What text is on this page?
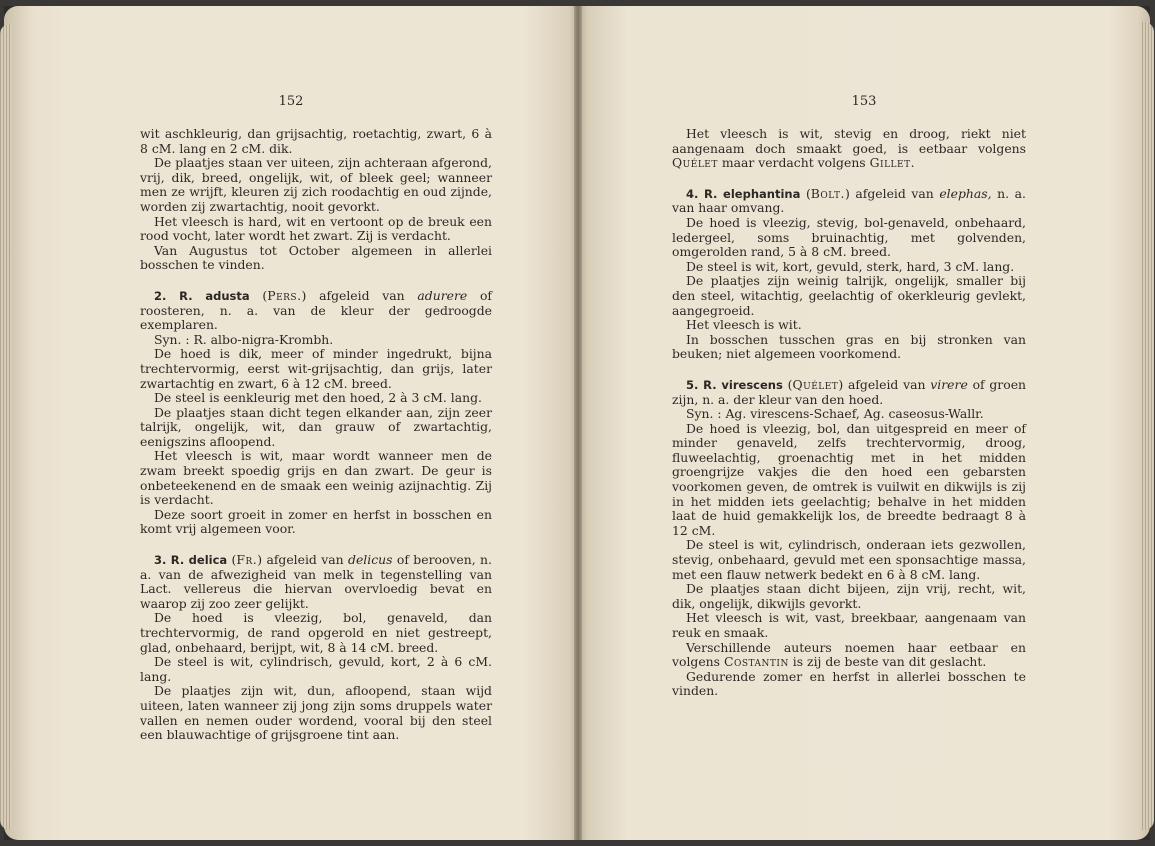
152

wit aschkleurig, dan grijsachtig, roetachtig, zwart, 6 à 8 cM. lang en 2 cM. dik.

De plaatjes staan ver uiteen, zijn achteraan afgerond, vrij, dik, breed, ongelijk, wit, of bleek geel; wanneer men ze wrijft, kleuren zij zich roodachtig en oud zijnde, worden zij zwartachtig, nooit gevorkt.

Het vleesch is hard, wit en vertoont op de breuk een rood vocht, later wordt het zwart. Zij is verdacht.

Van Augustus tot October algemeen in allerlei bosschen te vinden.

2. R. adusta (Pers.) afgeleid van adurere of roosteren, n. a. van de kleur der gedroogde exemplaren.

Syn. : R. albo-nigra-Krombh.

De hoed is dik, meer of minder ingedrukt, bijna trechtervormig, eerst wit-grijsachtig, dan grijs, later zwartachtig en zwart, 6 à 12 cM. breed.

De steel is eenkleurig met den hoed, 2 à 3 cM. lang.

De plaatjes staan dicht tegen elkander aan, zijn zeer talrijk, ongelijk, wit, dan grauw of zwartachtig, eenigszins afloopend.

Het vleesch is wit, maar wordt wanneer men de zwam breekt spoedig grijs en dan zwart. De geur is onbeteekenend en de smaak een weinig azijnachtig. Zij is verdacht.

Deze soort groeit in zomer en herfst in bosschen en komt vrij algemeen voor.

3. R. delica (Fr.) afgeleid van delicus of berooven, n. a. van de afwezigheid van melk in tegenstelling van Lact. vellereus die hiervan overvloedig bevat en waarop zij zoo zeer gelijkt.

De hoed is vleezig, bol, genaveld, dan trechtervormig, de rand opgerold en niet gestreept, glad, onbehaard, berijpt, wit, 8 à 14 cM. breed.

De steel is wit, cylindrisch, gevuld, kort, 2 à 6 cM. lang.

De plaatjes zijn wit, dun, afloopend, staan wijd uiteen, laten wanneer zij jong zijn soms druppels water vallen en nemen ouder wordend, vooral bij den steel een blauwachtige of grijsgroene tint aan.

153

Het vleesch is wit, stevig en droog, riekt niet aangenaam doch smaakt goed, is eetbaar volgens Quélet maar verdacht volgens Gillet.

4. R. elephantina (Bolt.) afgeleid van elephas, n. a. van haar omvang.

De hoed is vleezig, stevig, bol-genaveld, onbehaard, ledergeel, soms bruinachtig, met golvenden, omgerolden rand, 5 à 8 cM. breed.

De steel is wit, kort, gevuld, sterk, hard, 3 cM. lang.

De plaatjes zijn weinig talrijk, ongelijk, smaller bij den steel, witachtig, geelachtig of okerkleurig gevlekt, aangegroeid.

Het vleesch is wit.

In bosschen tusschen gras en bij stronken van beuken; niet algemeen voorkomend.

5. R. virescens (Quélet) afgeleid van virere of groen zijn, n. a. der kleur van den hoed.

Syn. : Ag. virescens-Schaef, Ag. caseosus-Wallr.

De hoed is vleezig, bol, dan uitgespreid en meer of minder genaveld, zelfs trechtervormig, droog, fluweelachtig, groenachtig met in het midden groengrijze vakjes die den hoed een gebarsten voorkomen geven, de omtrek is vuilwit en dikwijls is zij in het midden iets geelachtig; behalve in het midden laat de huid gemakkelijk los, de breedte bedraagt 8 à 12 cM.

De steel is wit, cylindrisch, onderaan iets gezwollen, stevig, onbehaard, gevuld met een sponsachtige massa, met een flauw netwerk bedekt en 6 à 8 cM. lang.

De plaatjes staan dicht bijeen, zijn vrij, recht, wit, dik, ongelijk, dikwijls gevorkt.

Het vleesch is wit, vast, breekbaar, aangenaam van reuk en smaak.

Verschillende auteurs noemen haar eetbaar en volgens Costantin is zij de beste van dit geslacht.

Gedurende zomer en herfst in allerlei bosschen te vinden.
